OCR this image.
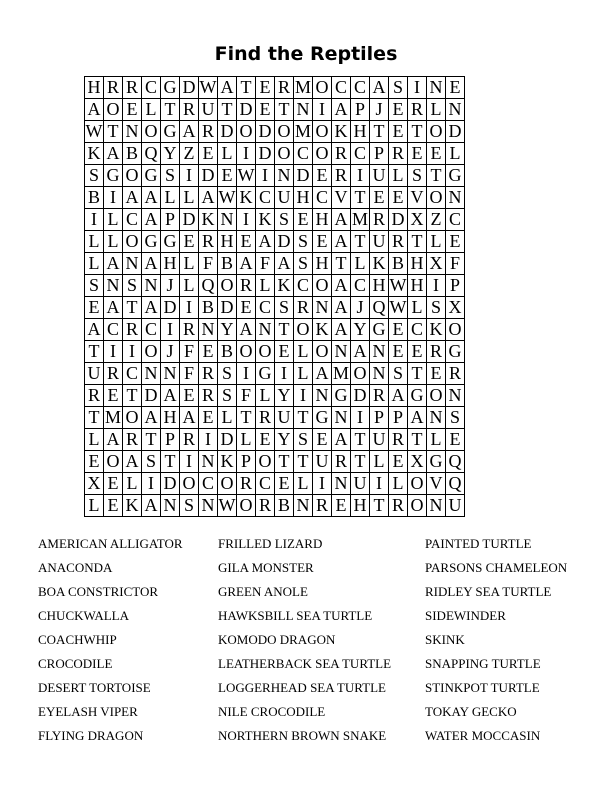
Find the Reptiles
H	R	R	C	G	D	W	A	T	E	R	M	O	C	C	A	S	I	N	E
A	O	E	L	T	R	U	T	D	E	T	N	I	A	P	J	E	R	L	N
W	T	N	O	G	A	R	D	O	D	O	M	O	K	H	T	E	T	O	D
K	A	B	Q	Y	Z	E	L	I	D	O	C	O	R	C	P	R	E	E	L
S	G	O	G	S	I	D	E	W	I	N	D	E	R	I	U	L	S	T	G
B	I	A	A	L	L	A	W	K	C	U	H	C	V	T	E	E	V	O	N
I	L	C	A	P	D	K	N	I	K	S	E	H	A	M	R	D	X	Z	C
L	L	O	G	G	E	R	H	E	A	D	S	E	A	T	U	R	T	L	E
L	A	N	A	H	L	F	B	A	F	A	S	H	T	L	K	B	H	X	F
S	N	S	N	J	L	Q	O	R	L	K	C	O	A	C	H	W	H	I	P
E	A	T	A	D	I	B	D	E	C	S	R	N	A	J	Q	W	L	S	X
A	C	R	C	I	R	N	Y	A	N	T	O	K	A	Y	G	E	C	K	O
T	I	I	O	J	F	E	B	O	O	E	L	O	N	A	N	E	E	R	G
U	R	C	N	N	F	R	S	I	G	I	L	A	M	O	N	S	T	E	R
R	E	T	D	A	E	R	S	F	L	Y	I	N	G	D	R	A	G	O	N
T	M	O	A	H	A	E	L	T	R	U	T	G	N	I	P	P	A	N	S
L	A	R	T	P	R	I	D	L	E	Y	S	E	A	T	U	R	T	L	E
E	O	A	S	T	I	N	K	P	O	T	T	U	R	T	L	E	X	G	Q
X	E	L	I	D	O	C	O	R	C	E	L	I	N	U	I	L	O	V	Q
L	E	K	A	N	S	N	W	O	R	B	N	R	E	H	T	R	O	N	U
AMERICAN ALLIGATOR
ANACONDA
BOA CONSTRICTOR
CHUCKWALLA
COACHWHIP
CROCODILE
DESERT TORTOISE
EYELASH VIPER
FLYING DRAGON
FRILLED LIZARD
GILA MONSTER
GREEN ANOLE
HAWKSBILL SEA TURTLE
KOMODO DRAGON
LEATHERBACK SEA TURTLE
LOGGERHEAD SEA TURTLE
NILE CROCODILE
NORTHERN BROWN SNAKE
PAINTED TURTLE
PARSONS CHAMELEON
RIDLEY SEA TURTLE
SIDEWINDER
SKINK
SNAPPING TURTLE
STINKPOT TURTLE
TOKAY GECKO
WATER MOCCASIN
